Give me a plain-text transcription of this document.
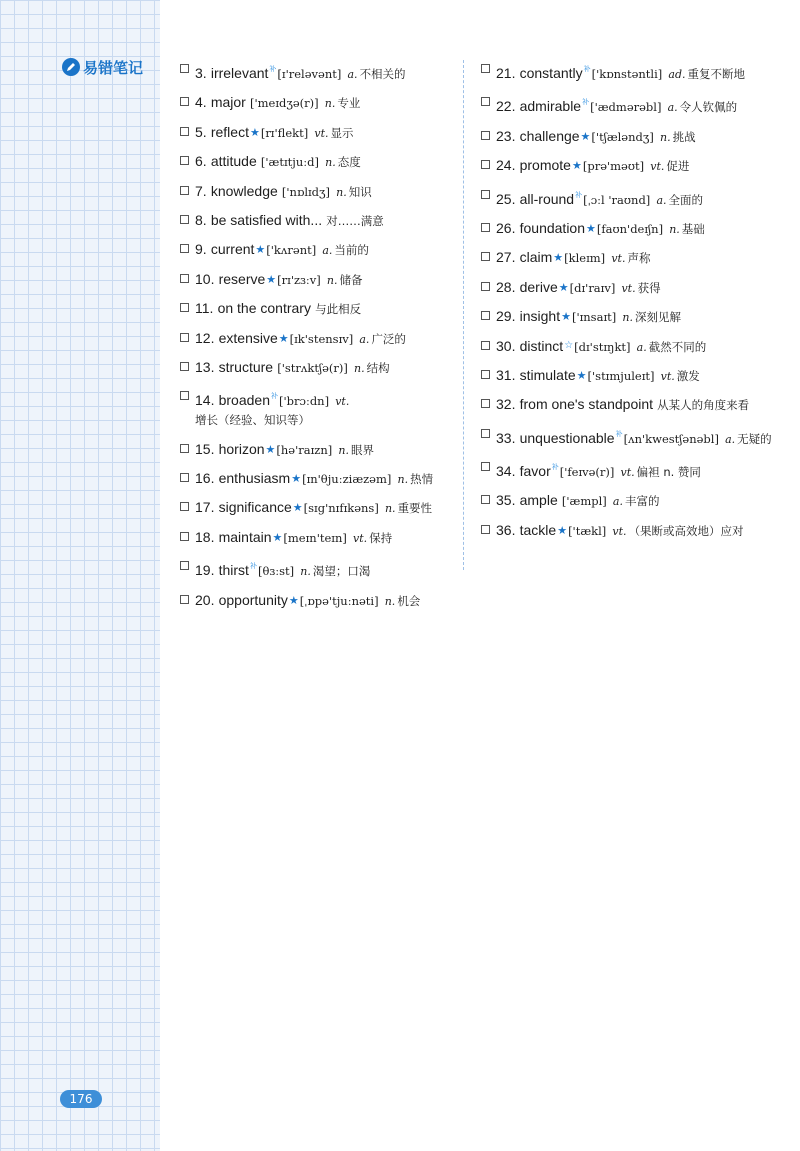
易错笔记	3. irrelevant$^补$[ɪ'reləvənt] a. 不相关的
4. major ['meɪdʒə(r)] n. 专业
5. reflect★[rɪ'flekt] vt. 显示
6. attitude ['ætɪtjuːd] n. 态度
7. knowledge ['nɒlɪdʒ] n. 知识
8. be satisfied with... 对……满意
9. current★['kʌrənt] a. 当前的
10. reserve★[rɪ'zɜːv] n. 储备
11. on the contrary 与此相反
12. extensive★[ɪk'stensɪv] a. 广泛的
13. structure ['strʌktʃə(r)] n. 结构
14. broaden$^补$['brɔːdn] vt.增长（经验、知识等）
15. horizon★[hə'raɪzn] n. 眼界
16. enthusiasm★[ɪn'θjuːziæzəm] n. 热情
17. significance★[sɪg'nɪfɪkəns] n. 重要性
18. maintain★[meɪn'teɪn] vt. 保持
19. thirst$^补$[θɜːst] n. 渴望；口渴
20. opportunity★[ˌɒpə'tjuːnəti] n. 机会
21. constantly$^补$['kɒnstəntli] ad. 重复不断地
22. admirable$^补$['ædmərəbl] a. 令人钦佩的
23. challenge★['tʃæləndʒ] n. 挑战
24. promote★[prə'məʊt] vt. 促进
25. all-round$^补$[ˌɔːl 'raʊnd] a. 全面的
26. foundation★[faʊn'deɪʃn] n. 基础
27. claim★[kleɪm] vt. 声称
28. derive★[dɪ'raɪv] vt. 获得
29. insight★['ɪnsaɪt] n. 深刻见解
30. distinct☆[dɪ'stɪŋkt] a. 截然不同的
31. stimulate★['stɪmjuleɪt] vt. 激发
32. from one's standpoint 从某人的角度来看
33. unquestionable$^补$[ʌn'kwestʃənəbl] a. 无疑的
34. favor$^补$['feɪvə(r)] vt. 偏袒 n. 赞同
35. ample ['æmpl] a. 丰富的
36. tackle★['tækl] vt. （果断或高效地）应对
176
